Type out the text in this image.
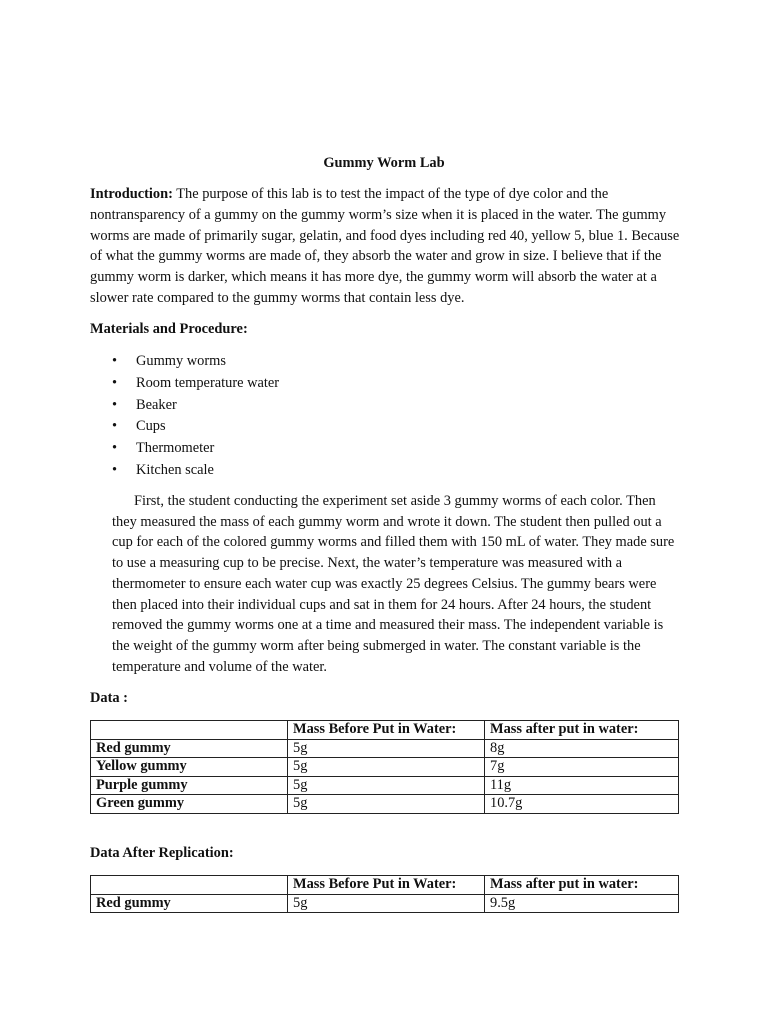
Gummy Worm Lab

Introduction: The purpose of this lab is to test the impact of the type of dye color and the nontransparency of a gummy on the gummy worm’s size when it is placed in the water. The gummy worms are made of primarily sugar, gelatin, and food dyes including red 40, yellow 5, blue 1. Because of what the gummy worms are made of, they absorb the water and grow in size. I believe that if the gummy worm is darker, which means it has more dye, the gummy worm will absorb the water at a slower rate compared to the gummy worms that contain less dye.

Materials and Procedure:

• Gummy worms
• Room temperature water
• Beaker
• Cups
• Thermometer
• Kitchen scale

First, the student conducting the experiment set aside 3 gummy worms of each color. Then they measured the mass of each gummy worm and wrote it down. The student then pulled out a cup for each of the colored gummy worms and filled them with 150 mL of water. They made sure to use a measuring cup to be precise. Next, the water’s temperature was measured with a thermometer to ensure each water cup was exactly 25 degrees Celsius. The gummy bears were then placed into their individual cups and sat in them for 24 hours. After 24 hours, the student removed the gummy worms one at a time and measured their mass. The independent variable is the weight of the gummy worm after being submerged in water. The constant variable is the temperature and volume of the water.

Data :

	Mass Before Put in Water:	Mass after put in water:
Red gummy	5g	8g
Yellow gummy	5g	7g
Purple gummy	5g	11g
Green gummy	5g	10.7g

Data After Replication:

	Mass Before Put in Water:	Mass after put in water:
Red gummy	5g	9.5g
